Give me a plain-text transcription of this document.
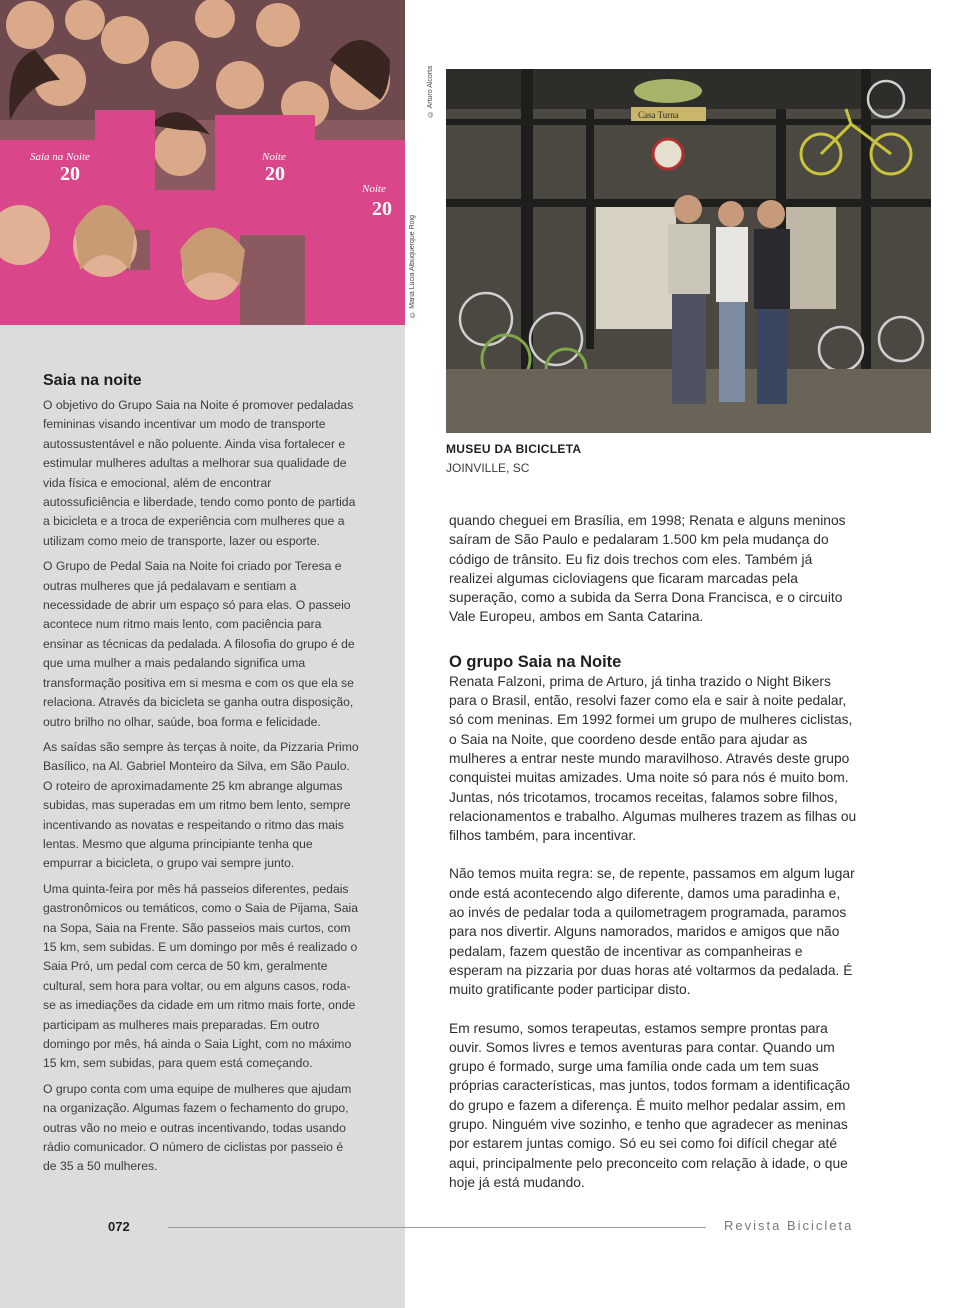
20	20
20
Saia na Noite	Noite
Noite
© Maria Lúcia Albuquerque Roig
© Arturo Alcorta	Casa Turna
MUSEU DA BICICLETA
JOINVILLE, SC
Saia na noite

O objetivo do Grupo Saia na Noite é promover pedaladas femininas visando incentivar um modo de transporte autossustentável e não poluente. Ainda visa fortalecer e estimular mulheres adultas a melhorar sua qualidade de vida física e emocional, além de encontrar autossuficiência e liberdade, tendo como ponto de partida a bicicleta e a troca de experiência com mulheres que a utilizam como meio de transporte, lazer ou esporte.

O Grupo de Pedal Saia na Noite foi criado por Teresa e outras mulheres que já pedalavam e sentiam a necessidade de abrir um espaço só para elas. O passeio acontece num ritmo mais lento, com paciência para ensinar as técnicas da pedalada. A filosofia do grupo é de que uma mulher a mais pedalando significa uma transformação positiva em si mesma e com os que ela se relaciona. Através da bicicleta se ganha outra disposição, outro brilho no olhar, saúde, boa forma e felicidade.

As saídas são sempre às terças à noite, da Pizzaria Primo Basílico, na Al. Gabriel Monteiro da Silva, em São Paulo. O roteiro de aproximadamente 25 km abrange algumas subidas, mas superadas em um ritmo bem lento, sempre incentivando as novatas e respeitando o ritmo das mais lentas. Mesmo que alguma principiante tenha que empurrar a bicicleta, o grupo vai sempre junto.

Uma quinta-feira por mês há passeios diferentes, pedais gastronômicos ou temáticos, como o Saia de Pijama, Saia na Sopa, Saia na Frente. São passeios mais curtos, com 15 km, sem subidas. E um domingo por mês é realizado o Saia Pró, um pedal com cerca de 50 km, geralmente cultural, sem hora para voltar, ou em alguns casos, roda-se as imediações da cidade em um ritmo mais forte, onde participam as mulheres mais preparadas. Em outro domingo por mês, há ainda o Saia Light, com no máximo 15 km, sem subidas, para quem está começando.

O grupo conta com uma equipe de mulheres que ajudam na organização. Algumas fazem o fechamento do grupo, outras vão no meio e outras incentivando, todas usando rádio comunicador. O número de ciclistas por passeio é de 35 a 50 mulheres.

quando cheguei em Brasília, em 1998; Renata e alguns meninos saíram de São Paulo e pedalaram 1.500 km pela mudança do código de trânsito. Eu fiz dois trechos com eles. Também já realizei algumas cicloviagens que ficaram marcadas pela superação, como a subida da Serra Dona Francisca, e o circuito Vale Europeu, ambos em Santa Catarina.

O grupo Saia na Noite

Renata Falzoni, prima de Arturo, já tinha trazido o Night Bikers para o Brasil, então, resolvi fazer como ela e sair à noite pedalar, só com meninas. Em 1992 formei um grupo de mulheres ciclistas, o Saia na Noite, que coordeno desde então para ajudar as mulheres a entrar neste mundo maravilhoso. Através deste grupo conquistei muitas amizades. Uma noite só para nós é muito bom. Juntas, nós tricotamos, trocamos receitas, falamos sobre filhos, relacionamentos e trabalho. Algumas mulheres trazem as filhas ou filhos também, para incentivar.

Não temos muita regra: se, de repente, passamos em algum lugar onde está acontecendo algo diferente, damos uma paradinha e, ao invés de pedalar toda a quilometragem programada, paramos para nos divertir. Alguns namorados, maridos e amigos que não pedalam, fazem questão de incentivar as companheiras e esperam na pizzaria por duas horas até voltarmos da pedalada. É muito gratificante poder participar disto.

Em resumo, somos terapeutas, estamos sempre prontas para ouvir. Somos livres e temos aventuras para contar. Quando um grupo é formado, surge uma família onde cada um tem suas próprias características, mas juntos, todos formam a identificação do grupo e fazem a diferença. É muito melhor pedalar assim, em grupo. Ninguém vive sozinho, e tenho que agradecer as meninas por estarem juntas comigo. Só eu sei como foi difícil chegar até aqui, principalmente pelo preconceito com relação à idade, o que hoje já está mudando.

072	Revista Bicicleta
